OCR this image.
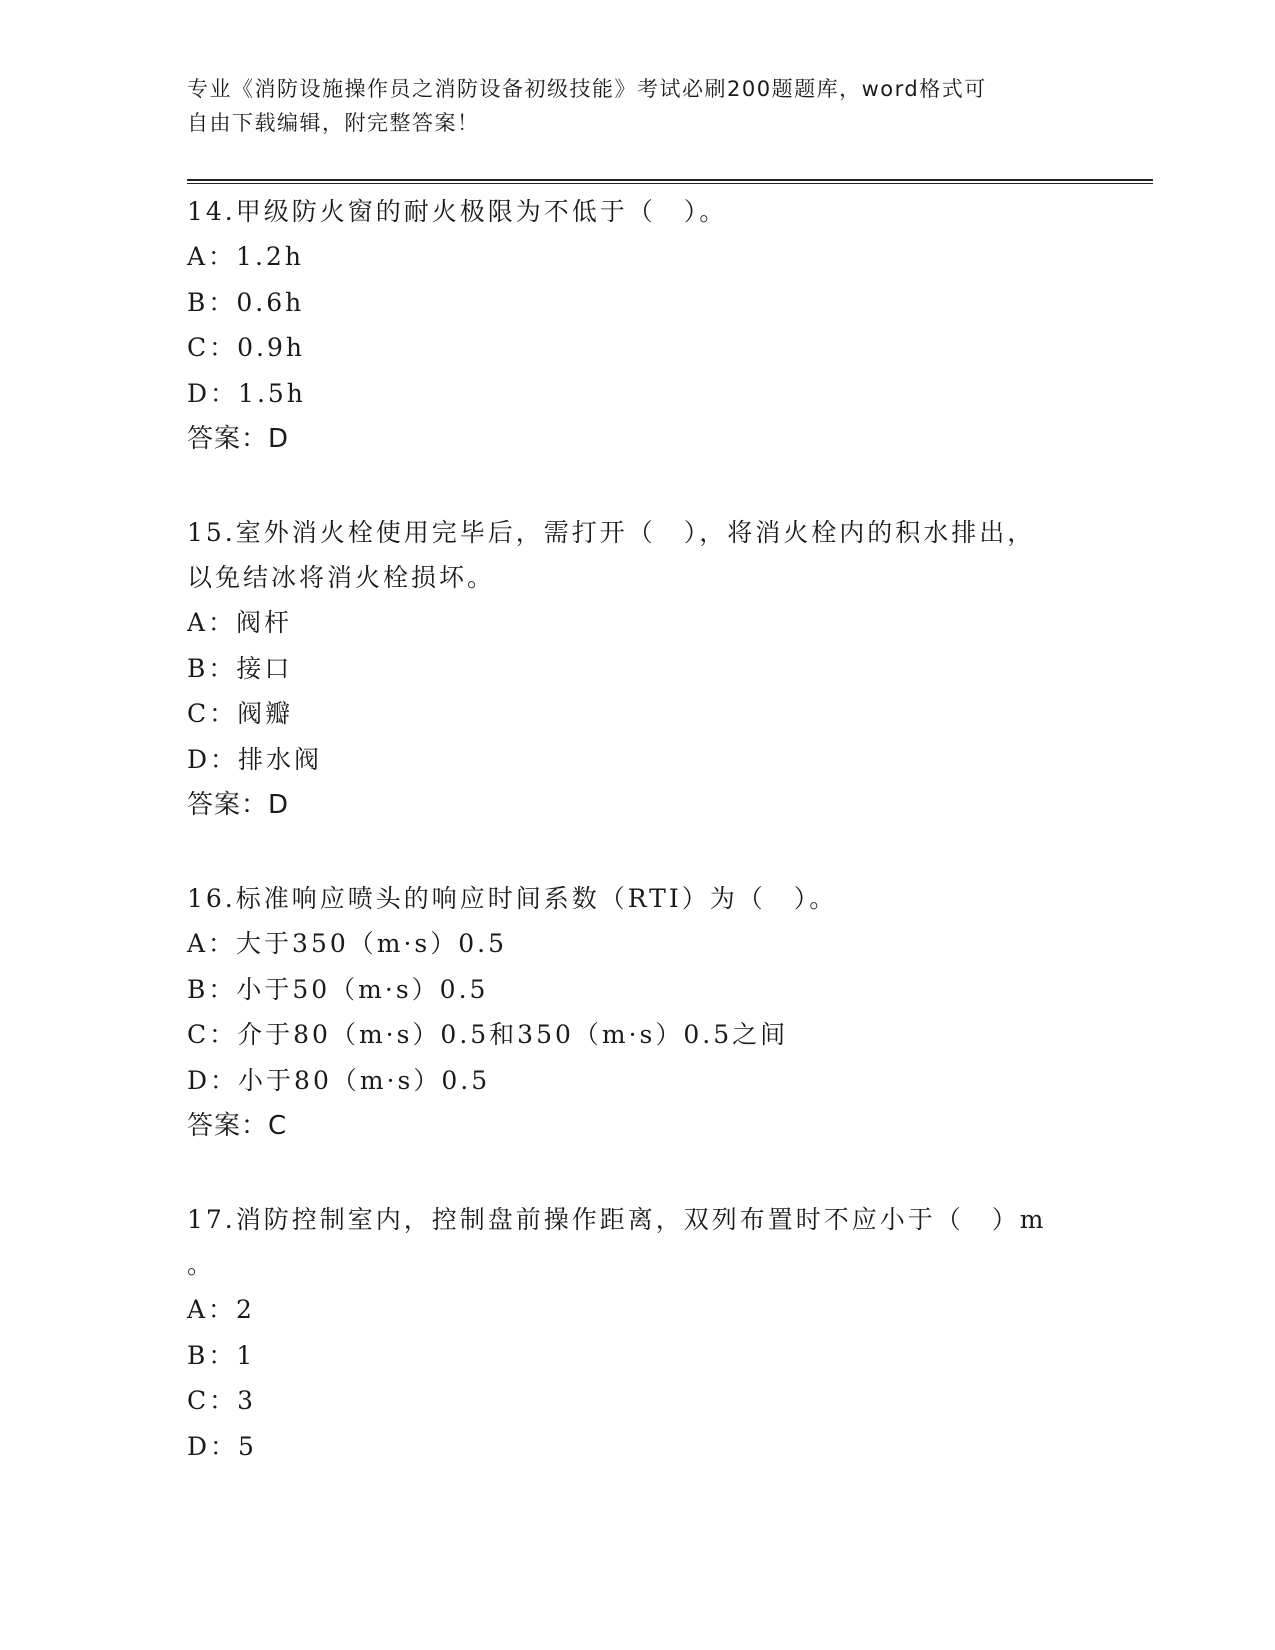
专业《消防设施操作员之消防设备初级技能》考试必刷200题题库，word格式可
自由下载编辑，附完整答案！
14.甲级防火窗的耐火极限为不低于（　）。
A：1.2h
B：0.6h
C：0.9h
D：1.5h
答案：D
15.室外消火栓使用完毕后，需打开（　），将消火栓内的积水排出，
以免结冰将消火栓损坏。
A：阀杆
B：接口
C：阀瓣
D：排水阀
答案：D
16.标准响应喷头的响应时间系数（RTI）为（　）。
A：大于350（m·s）0.5
B：小于50（m·s）0.5
C：介于80（m·s）0.5和350（m·s）0.5之间
D：小于80（m·s）0.5
答案：C
17.消防控制室内，控制盘前操作距离，双列布置时不应小于（　）m
。
A：2
B：1
C：3
D：5
